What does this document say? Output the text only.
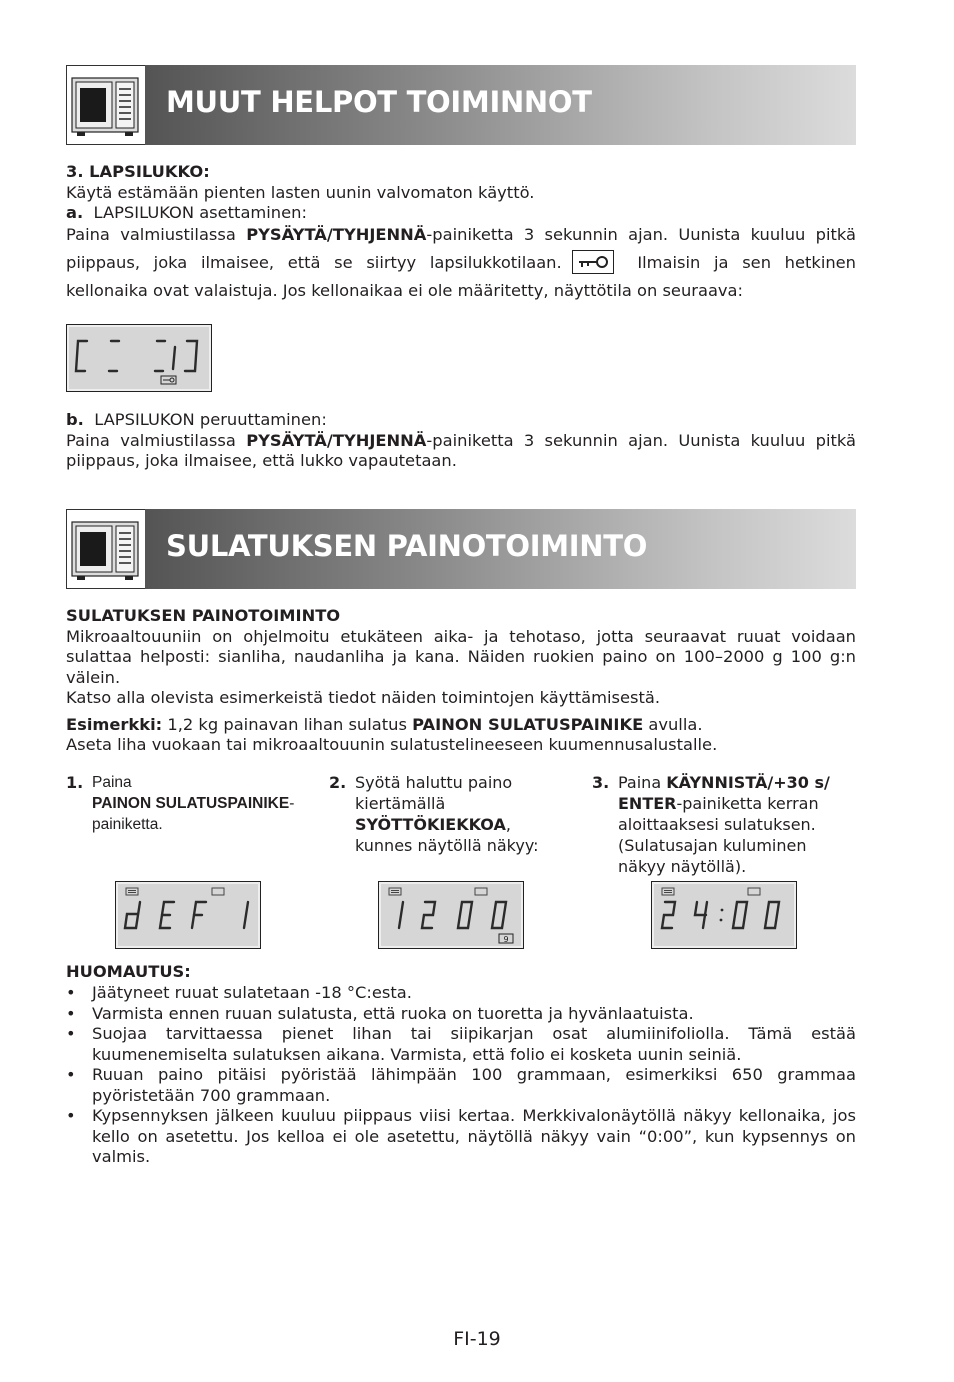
MUUT HELPOT TOIMINNOT
3. LAPSILUKKO:
Käytä estämään pienten lasten uunin valvomaton käyttö.
a. LAPSILUKON asettaminen:
Paina valmiustilassa PYSÄYTÄ/TYHJENNÄ-painiketta 3 sekunnin ajan. Uunista kuuluu pitkä piippaus, joka ilmaisee, että se siirtyy lapsilukkotilaan.	Ilmaisin ja sen hetkinen kellonaika ovat valaistuja. Jos kellonaikaa ei ole määritetty, näyttötila on seuraava:
b. LAPSILUKON peruuttaminen:
Paina valmiustilassa PYSÄYTÄ/TYHJENNÄ-painiketta 3 sekunnin ajan. Uunista kuuluu pitkä piippaus, joka ilmaisee, että lukko vapautetaan.
SULATUKSEN PAINOTOIMINTO
SULATUKSEN PAINOTOIMINTO
Mikroaaltouuniin on ohjelmoitu etukäteen aika- ja tehotaso, jotta seuraavat ruuat voidaan sulattaa helposti: sianliha, naudanliha ja kana. Näiden ruokien paino on 100–2000 g 100 g:n välein.
Katso alla olevista esimerkeistä tiedot näiden toimintojen käyttämisestä.
Esimerkki: 1,2 kg painavan lihan sulatus PAINON SULATUSPAINIKE avulla.
Aseta liha vuokaan tai mikroaaltouunin sulatustelineeseen kuumennusalustalle.
1. Paina
PAINON SULATUSPAINIKE-
painiketta.
2. Syötä haluttu paino kiertämällä
SYÖTTÖKIEKKOA,
kunnes näytöllä näkyy:
3. Paina KÄYNNISTÄ/+30 s/ ENTER-painiketta kerran aloittaaksesi sulatuksen. (Sulatusajan kuluminen näkyy näytöllä).
9
HUOMAUTUS:
• Jäätyneet ruuat sulatetaan -18 °C:esta.
• Varmista ennen ruuan sulatusta, että ruoka on tuoretta ja hyvänlaatuista.
• Suojaa tarvittaessa pienet lihan tai siipikarjan osat alumiinifoliolla. Tämä estää kuumenemiselta sulatuksen aikana. Varmista, että folio ei kosketa uunin seiniä.
• Ruuan paino pitäisi pyöristää lähimpään 100 grammaan, esimerkiksi 650 grammaa pyöristetään 700 grammaan.
• Kypsennyksen jälkeen kuuluu piippaus viisi kertaa. Merkkivalonäytöllä näkyy kellonaika, jos kello on asetettu. Jos kelloa ei ole asetettu, näytöllä näkyy vain “0:00”, kun kypsennys on valmis.
FI-19
